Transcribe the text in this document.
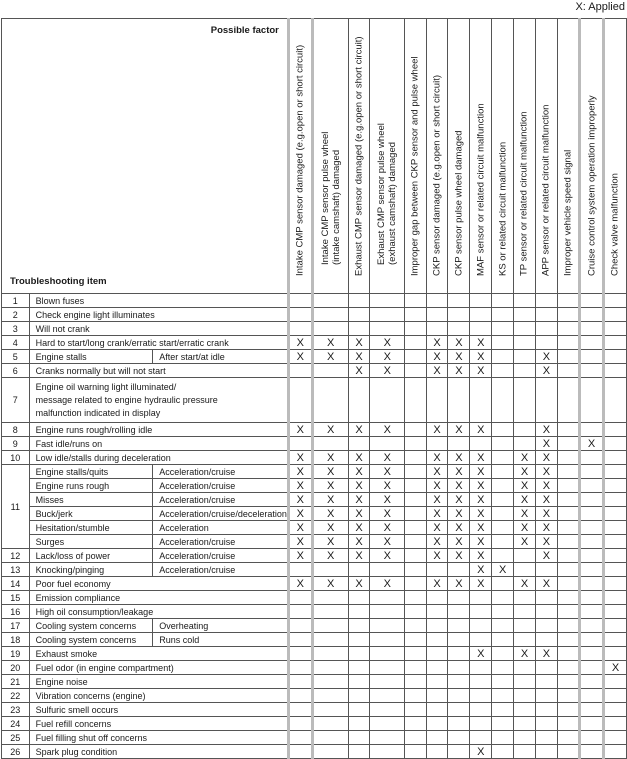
X: Applied
Possible factor
Troubleshooting item			Intake CMP sensor damaged (e.g.open or short circuit)	Intake CMP sensor pulse wheel
(intake camshaft) damaged	Exhaust CMP sensor damaged (e.g.open or short circuit)	Exhaust CMP sensor pulse wheel
(exhaust camshaft) damaged	Improper gap between CKP sensor and pulse wheel	CKP sensor damaged (e.g.open or short circuit)	CKP sensor pulse wheel damaged	MAF sensor or related circuit malfunction	KS or related circuit malfunction	TP sensor or related circuit malfunction	APP sensor or related circuit malfunction	Improper vehicle speed signal	Cruise control system operation improperly	Check valve malfunction

1	Blown fuses															
2	Check engine light illuminates															
3	Will not crank															
4	Hard to start/long crank/erratic start/erratic crank		X	X	X	X		X	X	X						
5	Engine stalls	After start/at idle	X	X	X	X		X	X	X			X			
6	Cranks normally but will not start				X	X		X	X	X			X			
7	Engine oil warning light illuminated/
message related to engine hydraulic pressure
malfunction indicated in display															
8	Engine runs rough/rolling idle		X	X	X	X		X	X	X			X			
9	Fast idle/runs on												X		X	
10	Low idle/stalls during deceleration		X	X	X	X		X	X	X		X	X			
11	Engine stalls/quits	Acceleration/cruise	X	X	X	X		X	X	X		X	X			
	Engine runs rough	Acceleration/cruise	X	X	X	X		X	X	X		X	X			
	Misses	Acceleration/cruise	X	X	X	X		X	X	X		X	X			
	Buck/jerk	Acceleration/cruise/deceleration	X	X	X	X		X	X	X		X	X			
	Hesitation/stumble	Acceleration	X	X	X	X		X	X	X		X	X			
	Surges	Acceleration/cruise	X	X	X	X		X	X	X		X	X			
12	Lack/loss of power	Acceleration/cruise	X	X	X	X		X	X	X			X			
13	Knocking/pinging	Acceleration/cruise								X	X					
14	Poor fuel economy		X	X	X	X		X	X	X		X	X			
15	Emission compliance															
16	High oil consumption/leakage															
17	Cooling system concerns	Overheating														
18	Cooling system concerns	Runs cold														
19	Exhaust smoke									X		X	X			
20	Fuel odor (in engine compartment)															X
21	Engine noise															
22	Vibration concerns (engine)															
23	Sulfuric smell occurs															
24	Fuel refill concerns															
25	Fuel filling shut off concerns															
26	Spark plug condition									X						
